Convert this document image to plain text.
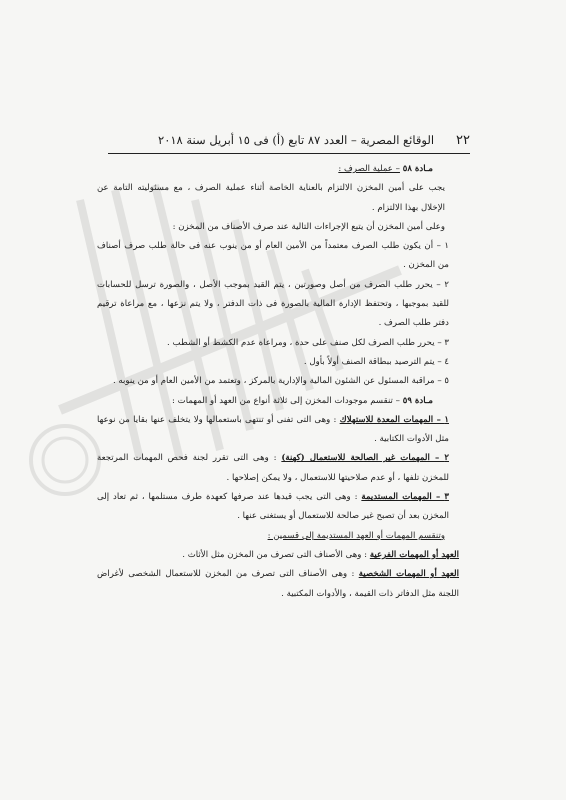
٢٢
الوقائع المصرية – العدد ٨٧ تابع (أ) فى ١٥ أبريل سنة ٢٠١٨

مـادة ٥٨ – عملية الصرف :

يجب على أمين المخزن الالتزام بالعناية الخاصة أثناء عملية الصرف ، مع مسئوليته التامة عن الإخلال بهذا الالتزام .

وعلى أمين المخزن أن يتبع الإجراءات التالية عند صرف الأصناف من المخزن :

١ – أن يكون طلب الصرف معتمداً من الأمين العام أو من ينوب عنه فى حالة طلب صرف أصناف من المخزن .

٢ – يحرر طلب الصرف من أصل وصورتين ، يتم القيد بموجب الأصل ، والصورة ترسل للحسابات للقيد بموجبها ، وتحتفظ الإدارة المالية بالصورة فى ذات الدفتر ، ولا يتم نزعها ، مع مراعاة ترقيم دفتر طلب الصرف .

٣ – يحرر طلب الصرف لكل صنف على حدة ، ومراعاة عدم الكشط أو الشطب .

٤ – يتم الترصيد ببطاقة الصنف أولاً بأول .

٥ – مراقبة المسئول عن الشئون المالية والإدارية بالمركز ، وتعتمد من الأمين العام أو من ينوبه .

مـادة ٥٩ – تنقسم موجودات المخزن إلى ثلاثة أنواع من العهد أو المهمات :

١ – المهمات المعدة للاستهلاك : وهى التى تفنى أو تنتهى باستعمالها ولا يتخلف عنها بقايا من نوعها مثل الأدوات الكتابية .

٢ – المهمات غير الصالحة للاستعمال (كهنة) : وهى التى تقرر لجنة فحص المهمات المرتجعة للمخزن تلفها ، أو عدم صلاحيتها للاستعمال ، ولا يمكن إصلاحها .

٣ – المهمات المستديمة : وهى التى يجب قيدها عند صرفها كعهدة طرف مستلمها ، ثم تعاد إلى المخزن بعد أن تصبح غير صالحة للاستعمال أو يستغنى عنها .

وتنقسم المهمات أو العهد المستديمة إلى قسمين :

العهد أو المهمات الفرعية : وهى الأصناف التى تصرف من المخزن مثل الأثاث .

العهد أو المهمات الشخصية : وهى الأصناف التى تصرف من المخزن للاستعمال الشخصى لأغراض اللجنة مثل الدفاتر ذات القيمة ، والأدوات المكتبية .
